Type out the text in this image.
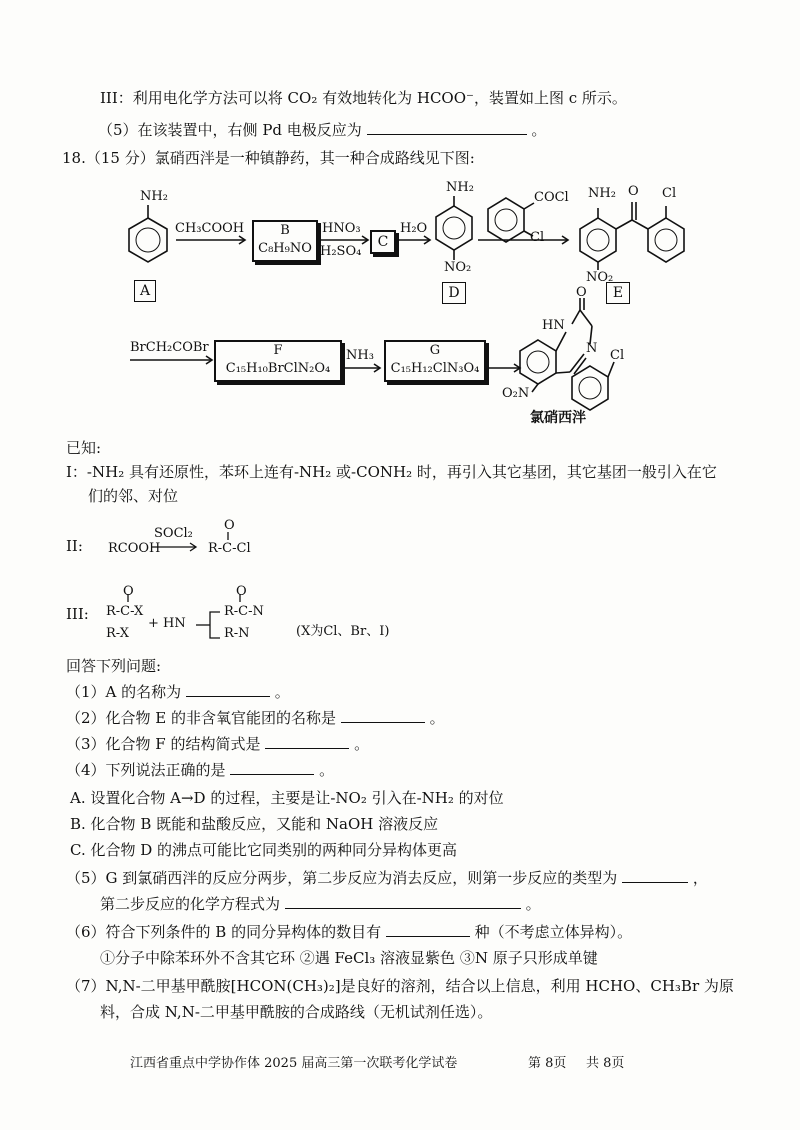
III：利用电化学方法可以将 CO₂ 有效地转化为 HCOO⁻，装置如上图 c 所示。
（5）在该装置中，右侧 Pd 电极反应为	。
18.（15 分）氯硝西泮是一种镇静药，其一种合成路线见下图:
NH₂
A
CH₃COOH	B
C₈H₉NO
HNO₃
H₂SO₄
C
H₂O
NH₂
NO₂
D
COCl
Cl
NH₂ O Cl
NO₂
E
BrCH₂COBr	F
C₁₅H₁₀BrClN₂O₄
NH₃	G
C₁₅H₁₂ClN₃O₄
HN
O
N Cl
O₂N
氯硝西泮
已知:
I：-NH₂ 具有还原性，苯环上连有-NH₂ 或-CONH₂ 时，再引入其它基团，其它基团一般引入在它
们的邻、对位
II: RCOOH
SOCl₂
O
R-C-Cl
III:
O
R-C-X
R-X
+ HN
O
R-C-N
R-N	(X为Cl、Br、I)
回答下列问题:
（1）A 的名称为	。
（2）化合物 E 的非含氧官能团的名称是	。
（3）化合物 F 的结构简式是	。
（4）下列说法正确的是	。
A. 设置化合物 A→D 的过程，主要是让-NO₂ 引入在-NH₂ 的对位
B. 化合物 B 既能和盐酸反应，又能和 NaOH 溶液反应
C. 化合物 D 的沸点可能比它同类别的两种同分异构体更高
（5）G 到氯硝西泮的反应分两步，第二步反应为消去反应，则第一步反应的类型为	，
第二步反应的化学方程式为	。
（6）符合下列条件的 B 的同分异构体的数目有	种（不考虑立体异构）。
①分子中除苯环外不含其它环 ②遇 FeCl₃ 溶液显紫色 ③N 原子只形成单键
（7）N,N-二甲基甲酰胺[HCON(CH₃)₂]是良好的溶剂，结合以上信息，利用 HCHO、CH₃Br 为原
料，合成 N,N-二甲基甲酰胺的合成路线（无机试剂任选）。
江西省重点中学协作体 2025 届高三第一次联考化学试卷	第 8页 共 8页
